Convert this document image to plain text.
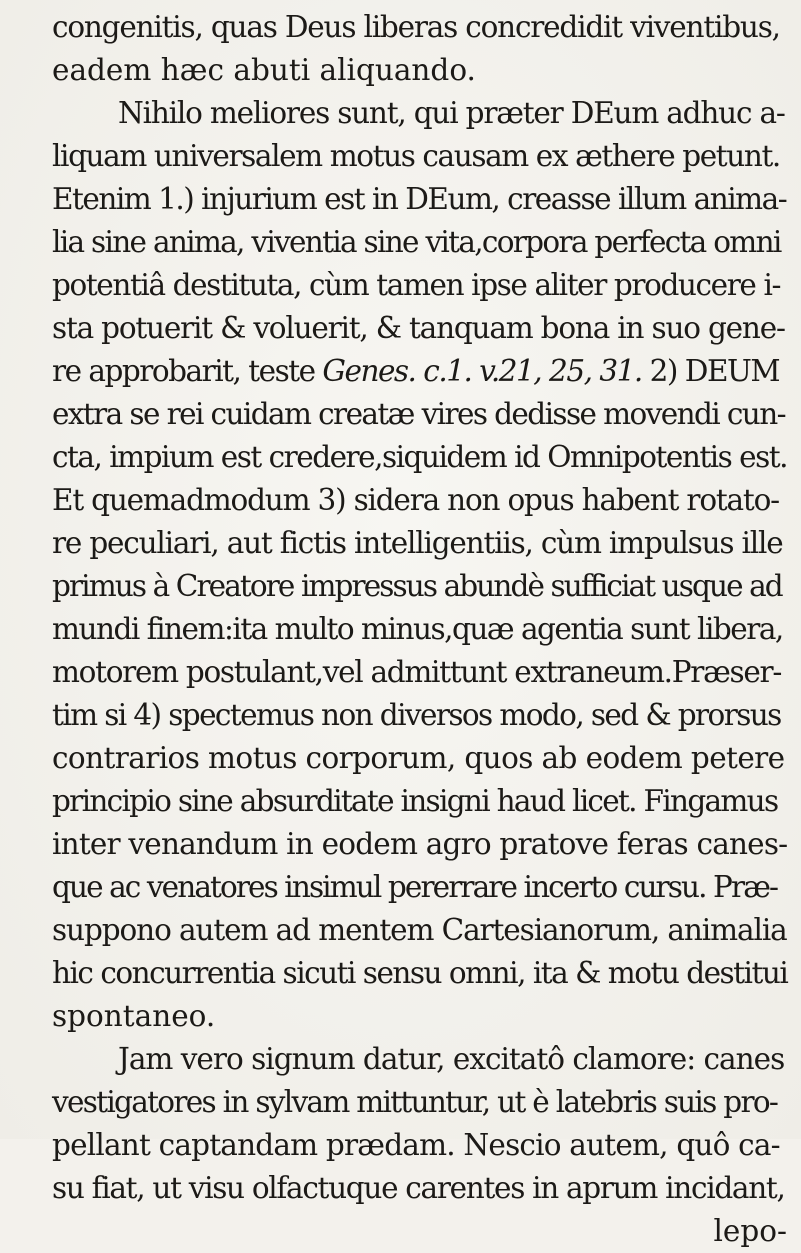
congenitis, quas Deus liberas concredidit viventibus,
eadem hæc abuti aliquando.
Nihilo meliores sunt, qui præter DEum adhuc a-
liquam universalem motus causam ex æthere petunt.
Etenim 1.) injurium est in DEum, creasse illum anima-
lia sine anima, viventia sine vita,corpora perfecta omni
potentiâ destituta, cùm tamen ipse aliter producere i-
sta potuerit & voluerit, & tanquam bona in suo gene-
re approbarit, teste Genes. c.1. v.21, 25, 31. 2) DEUM
extra se rei cuidam creatæ vires dedisse movendi cun-
cta, impium est credere,siquidem id Omnipotentis est.
Et quemadmodum 3) sidera non opus habent rotato-
re peculiari, aut fictis intelligentiis, cùm impulsus ille
primus à Creatore impressus abundè sufficiat usque ad
mundi finem:ita multo minus,quæ agentia sunt libera,
motorem postulant,vel admittunt extraneum.Præser-
tim si 4) spectemus non diversos modo, sed & prorsus
contrarios motus corporum, quos ab eodem petere
principio sine absurditate insigni haud licet. Fingamus
inter venandum in eodem agro pratove feras canes-
que ac venatores insimul pererrare incerto cursu. Præ-
suppono autem ad mentem Cartesianorum, animalia
hic concurrentia sicuti sensu omni, ita & motu destitui
spontaneo.
Jam vero signum datur, excitatô clamore: canes
vestigatores in sylvam mittuntur, ut è latebris suis pro-
pellant captandam prædam. Nescio autem, quô ca-
su fiat, ut visu olfactuque carentes in aprum incidant,
lepo-
